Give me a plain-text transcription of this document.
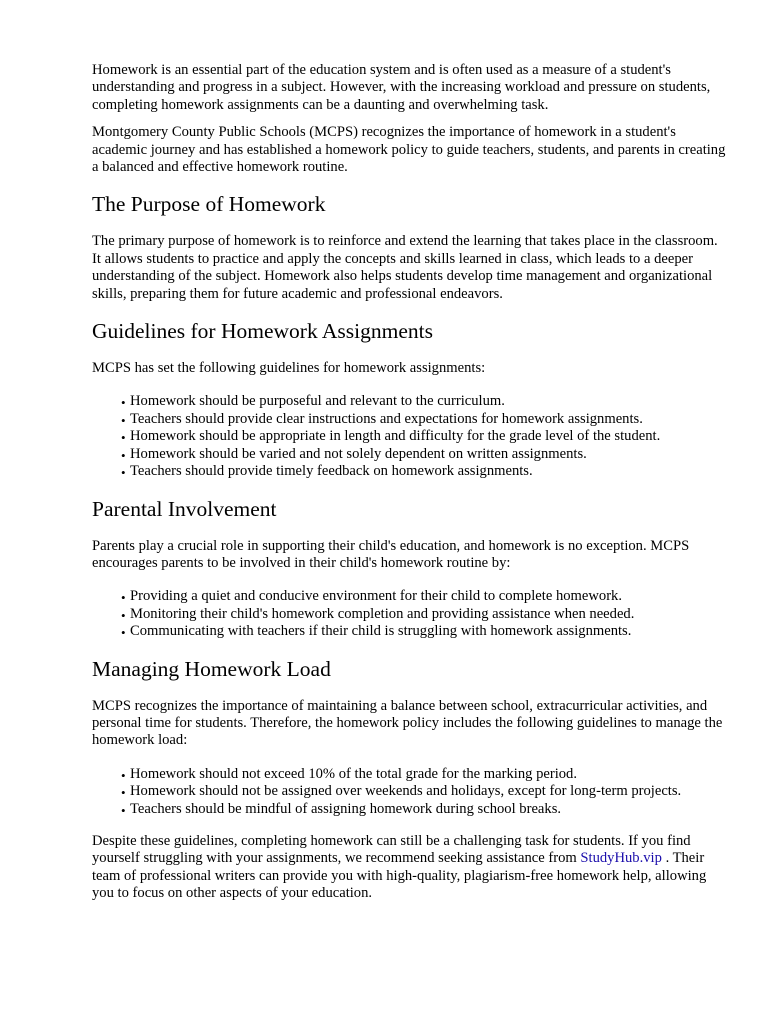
Homework is an essential part of the education system and is often used as a measure of a student's understanding and progress in a subject. However, with the increasing workload and pressure on students, completing homework assignments can be a daunting and overwhelming task.

Montgomery County Public Schools (MCPS) recognizes the importance of homework in a student's academic journey and has established a homework policy to guide teachers, students, and parents in creating a balanced and effective homework routine.

The Purpose of Homework

The primary purpose of homework is to reinforce and extend the learning that takes place in the classroom. It allows students to practice and apply the concepts and skills learned in class, which leads to a deeper understanding of the subject. Homework also helps students develop time management and organizational skills, preparing them for future academic and professional endeavors.

Guidelines for Homework Assignments

MCPS has set the following guidelines for homework assignments:

• Homework should be purposeful and relevant to the curriculum.
• Teachers should provide clear instructions and expectations for homework assignments.
• Homework should be appropriate in length and difficulty for the grade level of the student.
• Homework should be varied and not solely dependent on written assignments.
• Teachers should provide timely feedback on homework assignments.
Parental Involvement

Parents play a crucial role in supporting their child's education, and homework is no exception. MCPS encourages parents to be involved in their child's homework routine by:

• Providing a quiet and conducive environment for their child to complete homework.
• Monitoring their child's homework completion and providing assistance when needed.
• Communicating with teachers if their child is struggling with homework assignments.
Managing Homework Load

MCPS recognizes the importance of maintaining a balance between school, extracurricular activities, and personal time for students. Therefore, the homework policy includes the following guidelines to manage the homework load:

• Homework should not exceed 10% of the total grade for the marking period.
• Homework should not be assigned over weekends and holidays, except for long-term projects.
• Teachers should be mindful of assigning homework during school breaks.

Despite these guidelines, completing homework can still be a challenging task for students. If you find yourself struggling with your assignments, we recommend seeking assistance from StudyHub.vip . Their team of professional writers can provide you with high-quality, plagiarism-free homework help, allowing you to focus on other aspects of your education.
